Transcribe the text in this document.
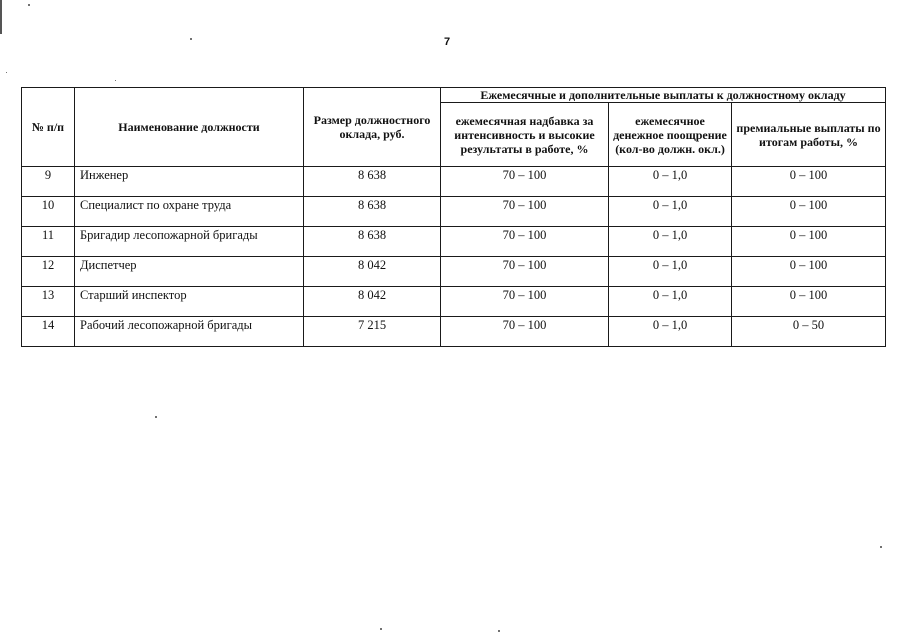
7
№ п/п	Наименование должности	Размер должностного оклада, руб.	Ежемесячные и дополнительные выплаты к должностному окладу		
			ежемесячная надбавка за интенсивность и высокие результаты в работе, %	ежемесячное денежное поощрение (кол-во должн. окл.)	премиальные выплаты по итогам работы, %
9	Инженер	8 638	70 – 100	0 – 1,0	0 – 100
10	Специалист по охране труда	8 638	70 – 100	0 – 1,0	0 – 100
11	Бригадир лесопожарной бригады	8 638	70 – 100	0 – 1,0	0 – 100
12	Диспетчер	8 042	70 – 100	0 – 1,0	0 – 100
13	Старший инспектор	8 042	70 – 100	0 – 1,0	0 – 100
14	Рабочий лесопожарной бригады	7 215	70 – 100	0 – 1,0	0 – 50
